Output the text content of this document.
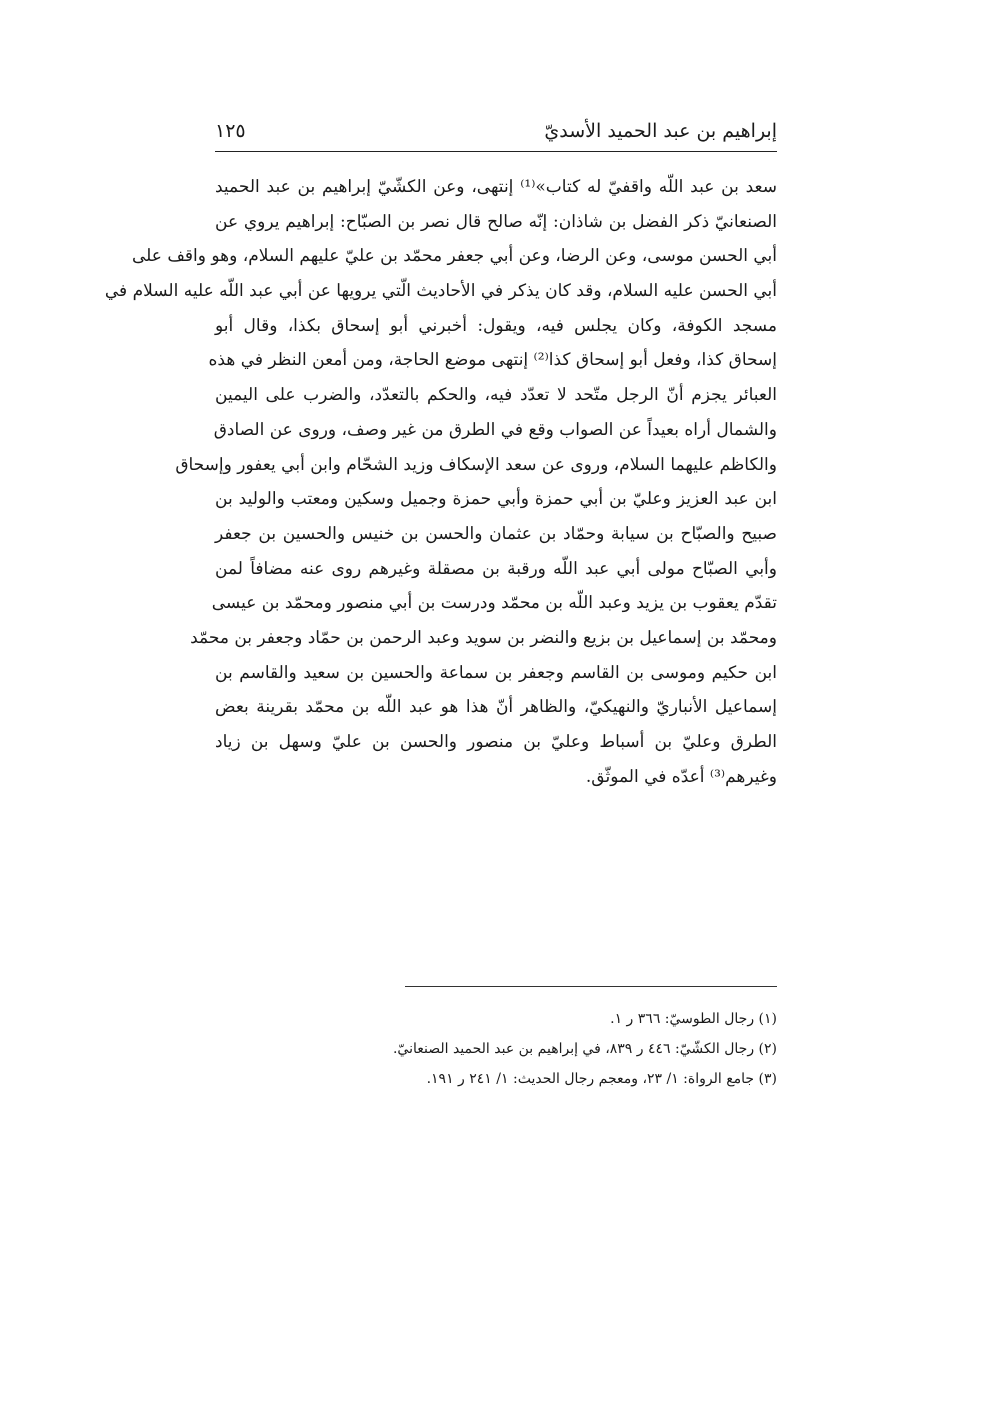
إبراهيم بن عبد الحميد الأسديّ
١٢٥
سعد بن عبد اللّه واقفيّ له كتاب»⁽¹⁾ إنتهى، وعن الكشّيّ إبراهيم بن عبد الحميد
الصنعانيّ ذكر الفضل بن شاذان: إنّه صالح قال نصر بن الصبّاح: إبراهيم يروي عن
أبي الحسن موسى، وعن الرضا، وعن أبي جعفر محمّد بن عليّ عليهم السلام، وهو واقف على
أبي الحسن عليه السلام، وقد كان يذكر في الأحاديث الّتي يرويها عن أبي عبد اللّه عليه السلام في
مسجد الكوفة، وكان يجلس فيه، ويقول: أخبرني أبو إسحاق بكذا، وقال أبو
إسحاق كذا، وفعل أبو إسحاق كذا⁽²⁾ إنتهى موضع الحاجة، ومن أمعن النظر في هذه
العبائر يجزم أنّ الرجل متّحد لا تعدّد فيه، والحكم بالتعدّد، والضرب على اليمين
والشمال أراه بعيداً عن الصواب وقع في الطرق من غير وصف، وروى عن الصادق
والكاظم عليهما السلام، وروى عن سعد الإسكاف وزيد الشحّام وابن أبي يعفور وإسحاق
ابن عبد العزيز وعليّ بن أبي حمزة وأبي حمزة وجميل وسكين ومعتب والوليد بن
صبيح والصبّاح بن سيابة وحمّاد بن عثمان والحسن بن خنيس والحسين بن جعفر
وأبي الصبّاح مولى أبي عبد اللّه ورقبة بن مصقلة وغيرهم روى عنه مضافاً لمن
تقدّم يعقوب بن يزيد وعبد اللّه بن محمّد ودرست بن أبي منصور ومحمّد بن عيسى
ومحمّد بن إسماعيل بن بزيع والنضر بن سويد وعبد الرحمن بن حمّاد وجعفر بن محمّد
ابن حكيم وموسى بن القاسم وجعفر بن سماعة والحسين بن سعيد والقاسم بن
إسماعيل الأنباريّ والنهيكيّ، والظاهر أنّ هذا هو عبد اللّه بن محمّد بقرينة بعض
الطرق وعليّ بن أسباط وعليّ بن منصور والحسن بن عليّ وسهل بن زياد
وغيرهم⁽³⁾ أعدّه في الموثّق.
(١) رجال الطوسيّ: ٣٦٦ ر ١.
(٢) رجال الكشّيّ: ٤٤٦ ر ٨٣٩، في إبراهيم بن عبد الحميد الصنعانيّ.
(٣) جامع الرواة: ١/ ٢٣، ومعجم رجال الحديث: ١/ ٢٤١ ر ١٩١.
